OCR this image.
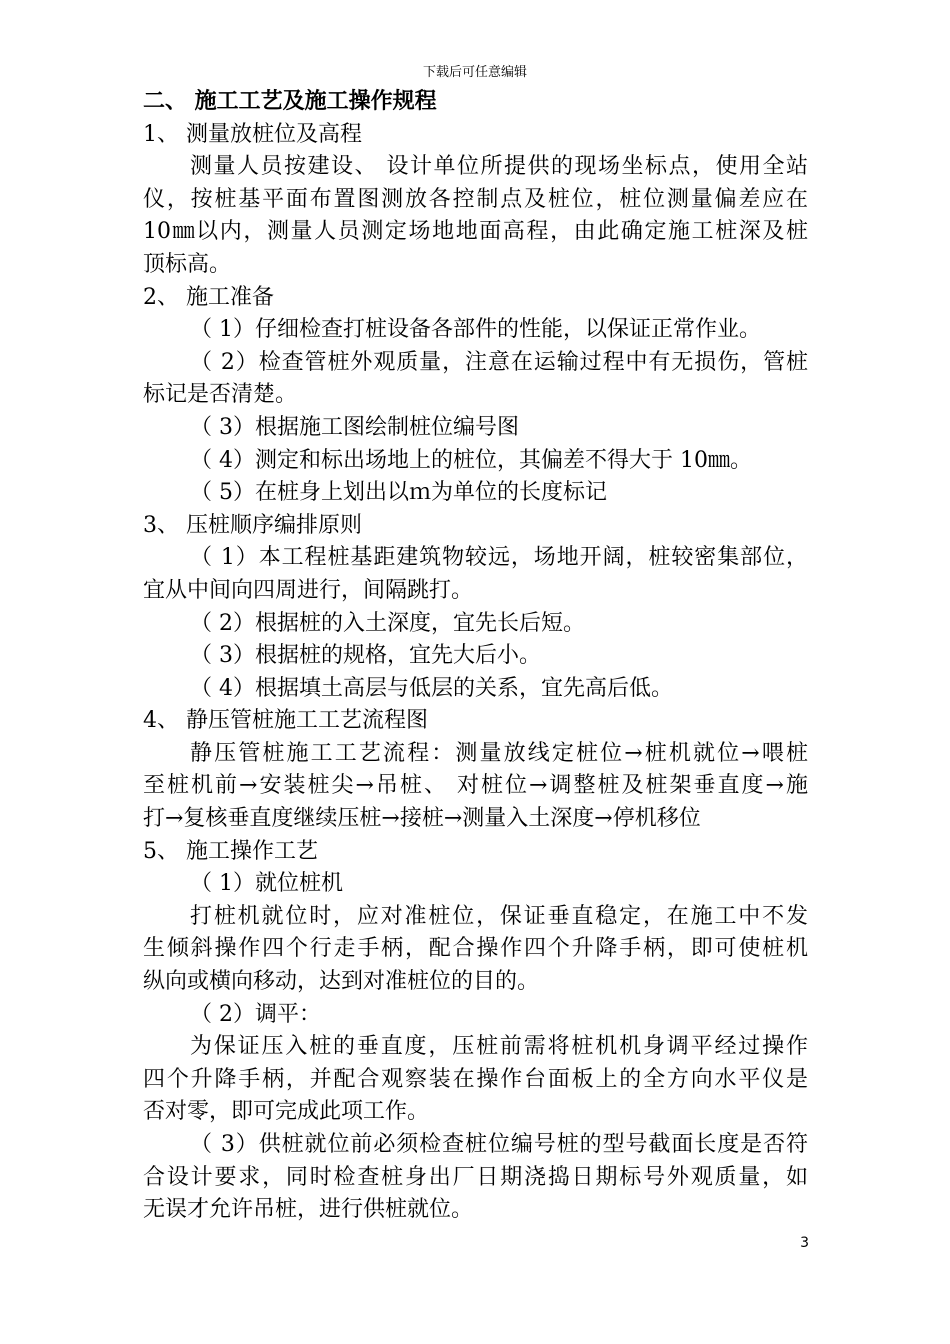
下载后可任意编辑
二、 施工工艺及施工操作规程
1、 测量放桩位及高程
测量人员按建设、 设计单位所提供的现场坐标点，使用全站
仪，按桩基平面布置图测放各控制点及桩位，桩位测量偏差应在
10㎜以内，测量人员测定场地地面高程，由此确定施工桩深及桩
顶标高。
2、 施工准备
（ 1）仔细检查打桩设备各部件的性能，以保证正常作业。
（ 2）检查管桩外观质量，注意在运输过程中有无损伤，管桩
标记是否清楚。
（ 3）根据施工图绘制桩位编号图
（ 4）测定和标出场地上的桩位，其偏差不得大于 10㎜。
（ 5）在桩身上划出以ｍ为单位的长度标记
3、 压桩顺序编排原则
（ 1）本工程桩基距建筑物较远，场地开阔，桩较密集部位，
宜从中间向四周进行，间隔跳打。
（ 2）根据桩的入土深度，宜先长后短。
（ 3）根据桩的规格，宜先大后小。
（ 4）根据填土高层与低层的关系，宜先高后低。
4、 静压管桩施工工艺流程图
静压管桩施工工艺流程：测量放线定桩位→桩机就位→喂桩
至桩机前→安装桩尖→吊桩、 对桩位→调整桩及桩架垂直度→施
打→复核垂直度继续压桩→接桩→测量入土深度→停机移位
5、 施工操作工艺
（ 1）就位桩机
打桩机就位时，应对准桩位，保证垂直稳定，在施工中不发
生倾斜操作四个行走手柄，配合操作四个升降手柄，即可使桩机
纵向或横向移动，达到对准桩位的目的。
（ 2）调平：
为保证压入桩的垂直度，压桩前需将桩机机身调平经过操作
四个升降手柄，并配合观察装在操作台面板上的全方向水平仪是
否对零，即可完成此项工作。
（ 3）供桩就位前必须检查桩位编号桩的型号截面长度是否符
合设计要求，同时检查桩身出厂日期浇捣日期标号外观质量，如
无误才允许吊桩，进行供桩就位。
3
